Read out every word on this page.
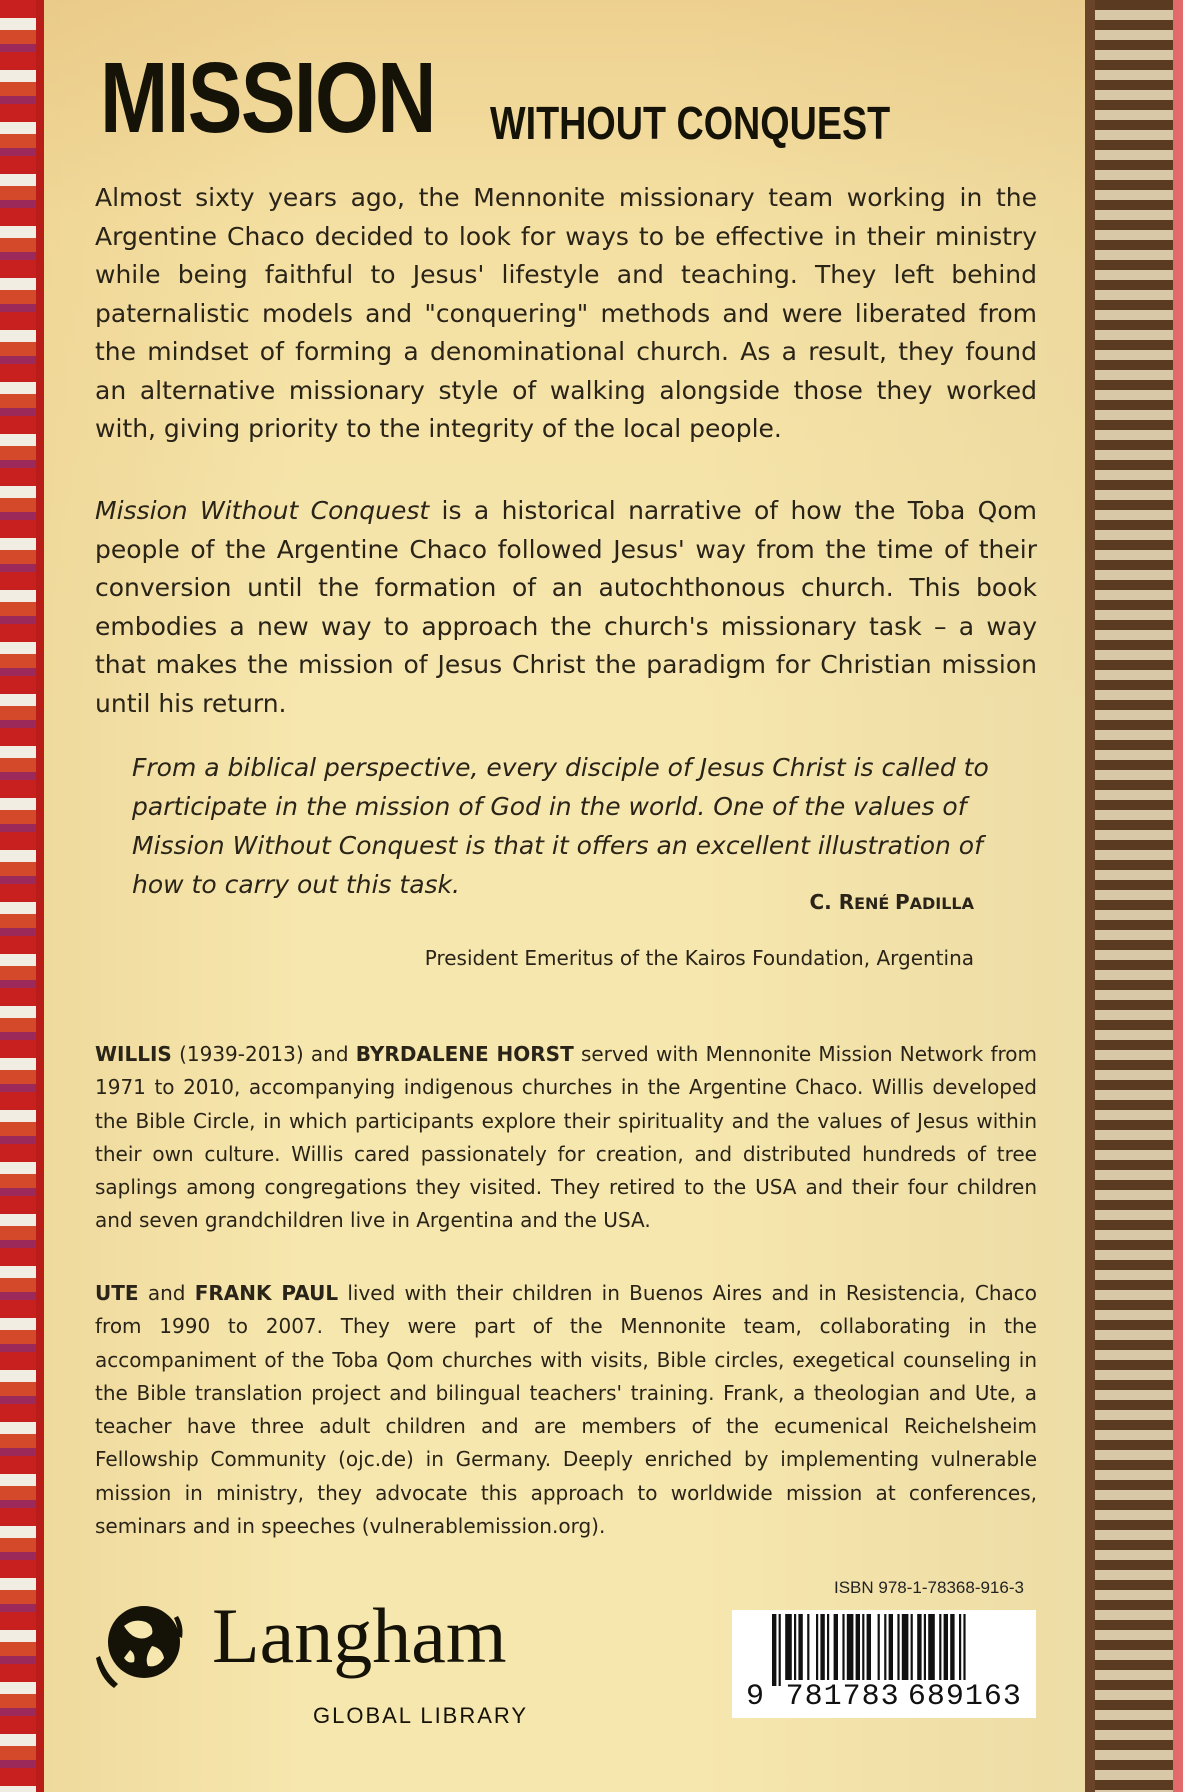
MISSION WITHOUT CONQUEST

Almost sixty years ago, the Mennonite missionary team working in the Argentine Chaco decided to look for ways to be effective in their ministry while being faithful to Jesus' lifestyle and teaching. They left behind paternalistic models and "conquering" methods and were liberated from the mindset of forming a denominational church. As a result, they found an alternative missionary style of walking alongside those they worked with, giving priority to the integrity of the local people.

Mission Without Conquest is a historical narrative of how the Toba Qom people of the Argentine Chaco followed Jesus' way from the time of their conversion until the formation of an autochthonous church. This book embodies a new way to approach the church's missionary task – a way that makes the mission of Jesus Christ the paradigm for Christian mission until his return.

From a biblical perspective, every disciple of Jesus Christ is called to participate in the mission of God in the world. One of the values of Mission Without Conquest is that it offers an excellent illustration of how to carry out this task.

C. RENÉ PADILLA
President Emeritus of the Kairos Foundation, Argentina

WILLIS (1939-2013) and BYRDALENE HORST served with Mennonite Mission Network from 1971 to 2010, accompanying indigenous churches in the Argentine Chaco. Willis developed the Bible Circle, in which participants explore their spirituality and the values of Jesus within their own culture. Willis cared passionately for creation, and distributed hundreds of tree saplings among congregations they visited. They retired to the USA and their four children and seven grandchildren live in Argentina and the USA.

UTE and FRANK PAUL lived with their children in Buenos Aires and in Resistencia, Chaco from 1990 to 2007. They were part of the Mennonite team, collaborating in the accompaniment of the Toba Qom churches with visits, Bible circles, exegetical counseling in the Bible translation project and bilingual teachers' training. Frank, a theologian and Ute, a teacher have three adult children and are members of the ecumenical Reichelsheim Fellowship Community (ojc.de) in Germany. Deeply enriched by implementing vulnerable mission in ministry, they advocate this approach to worldwide mission at conferences, seminars and in speeches (vulnerablemission.org).

Langham
GLOBAL LIBRARY
ISBN 978-1-78368-916-3
9 781783 689163
